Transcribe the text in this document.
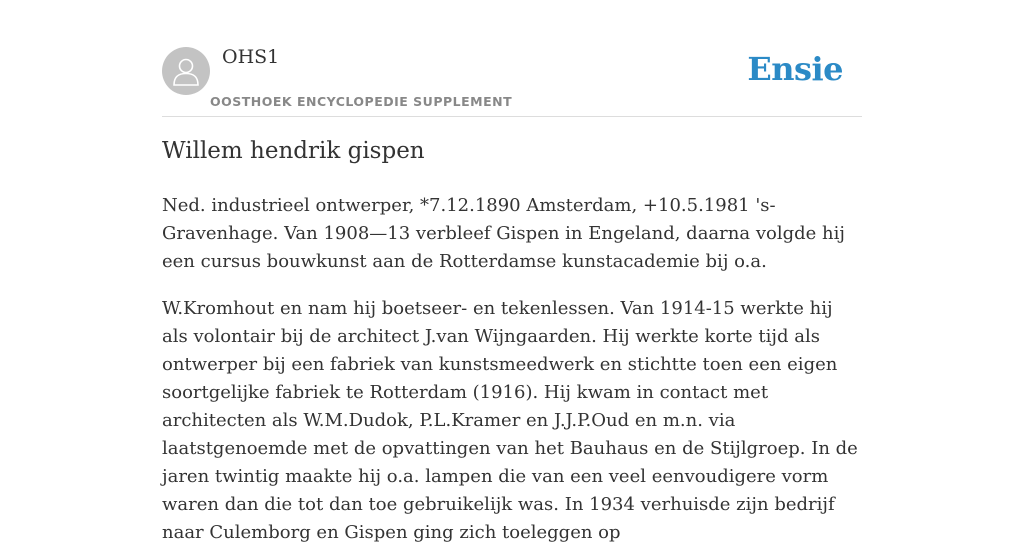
OHS1
OOSTHOEK ENCYCLOPEDIE SUPPLEMENT
Ensie
Willem hendrik gispen

Ned. industrieel ontwerper, *7.12.1890 Amsterdam, +10.5.1981 's-Gravenhage. Van 1908—13 verbleef Gispen in Engeland, daarna volgde hij een cursus bouwkunst aan de Rotterdamse kunstacademie bij o.a.

W.Kromhout en nam hij boetseer- en tekenlessen. Van 1914-15 werkte hij als volontair bij de architect J.van Wijngaarden. Hij werkte korte tijd als ontwerper bij een fabriek van kunstsmeedwerk en stichtte toen een eigen soortgelijke fabriek te Rotterdam (1916). Hij kwam in contact met architecten als W.M.Dudok, P.L.Kramer en J.J.P.Oud en m.n. via laatstgenoemde met de opvattingen van het Bauhaus en de Stijlgroep. In de jaren twintig maakte hij o.a. lampen die van een veel eenvoudigere vorm waren dan die tot dan toe gebruikelijk was. In 1934 verhuisde zijn bedrijf naar Culemborg en Gispen ging zich toeleggen op
